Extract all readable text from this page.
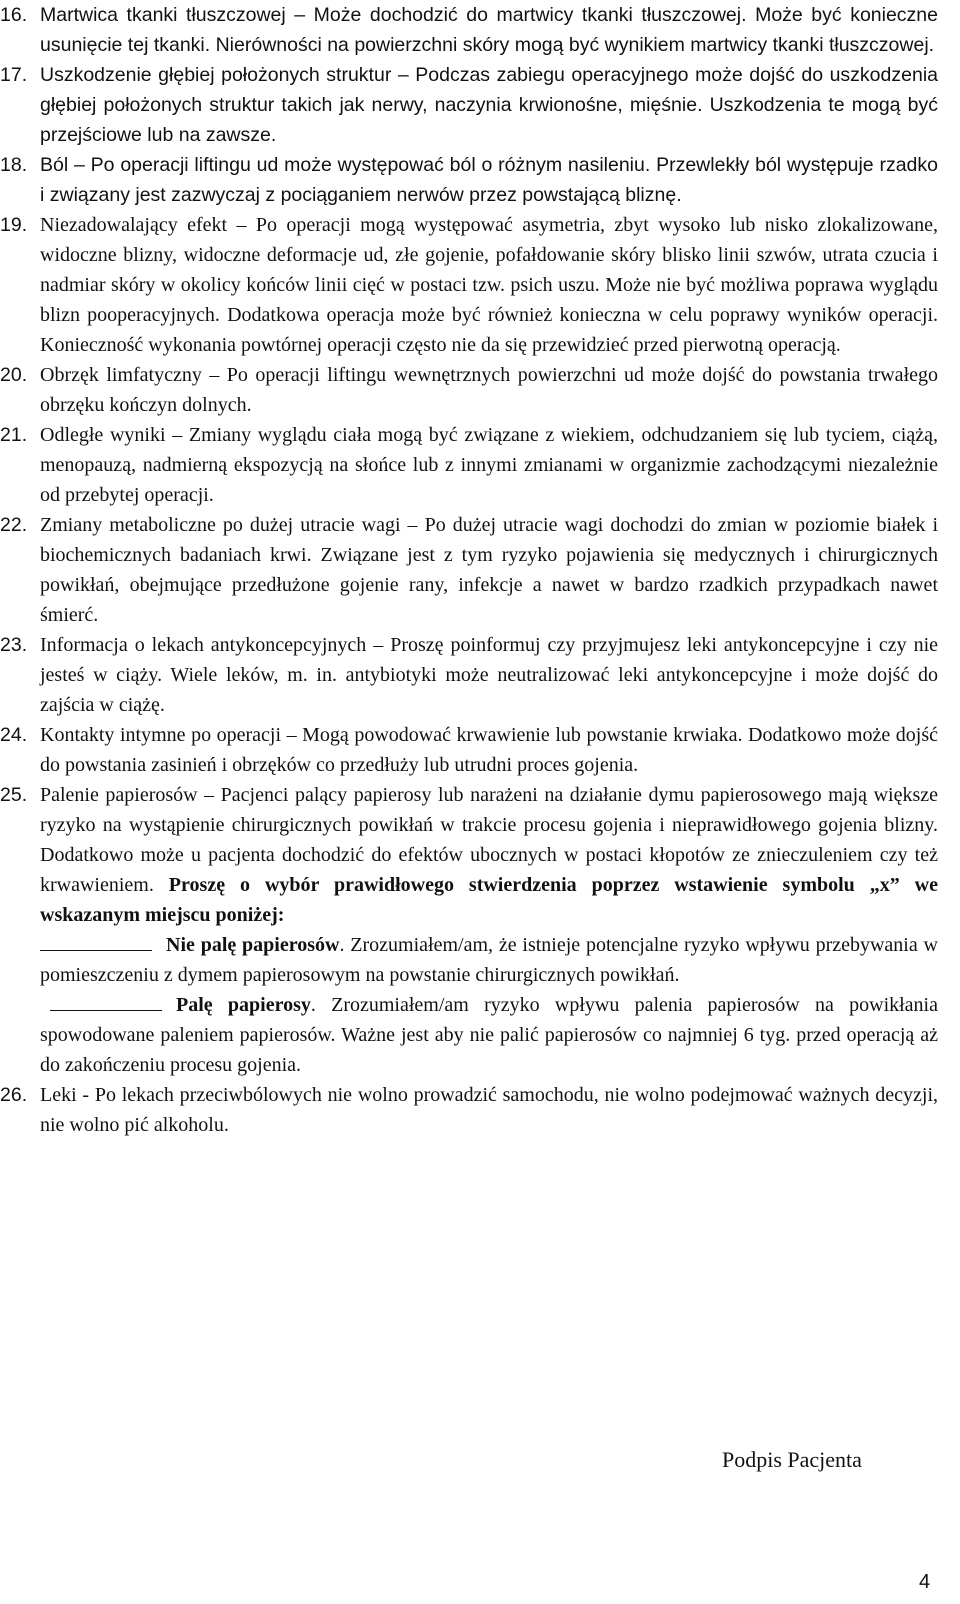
16. Martwica tkanki tłuszczowej – Może dochodzić do martwicy tkanki tłuszczowej. Może być konieczne usunięcie tej tkanki. Nierówności na powierzchni skóry mogą być wynikiem martwicy tkanki tłuszczowej.
17. Uszkodzenie głębiej położonych struktur – Podczas zabiegu operacyjnego może dojść do uszkodzenia głębiej położonych struktur takich jak nerwy, naczynia krwionośne, mięśnie. Uszkodzenia te mogą być przejściowe lub na zawsze.
18. Ból – Po operacji liftingu ud może występować ból o różnym nasileniu. Przewlekły ból występuje rzadko i związany jest zazwyczaj z pociąganiem nerwów przez powstającą bliznę.
19. Niezadowalający efekt – Po operacji mogą występować asymetria, zbyt wysoko lub nisko zlokalizowane, widoczne blizny, widoczne deformacje ud, złe gojenie, pofałdowanie skóry blisko linii szwów, utrata czucia i nadmiar skóry w okolicy końców linii cięć w postaci tzw. psich uszu. Może nie być możliwa poprawa wyglądu blizn pooperacyjnych. Dodatkowa operacja może być również konieczna w celu poprawy wyników operacji. Konieczność wykonania powtórnej operacji często nie da się przewidzieć przed pierwotną operacją.
20. Obrzęk limfatyczny – Po operacji liftingu wewnętrznych powierzchni ud może dojść do powstania trwałego obrzęku kończyn dolnych.
21. Odległe wyniki – Zmiany wyglądu ciała mogą być związane z wiekiem, odchudzaniem się lub tyciem, ciążą, menopauzą, nadmierną ekspozycją na słońce lub z innymi zmianami w organizmie zachodzącymi niezależnie od przebytej operacji.
22. Zmiany metaboliczne po dużej utracie wagi – Po dużej utracie wagi dochodzi do zmian w poziomie białek i biochemicznych badaniach krwi. Związane jest z tym ryzyko pojawienia się medycznych i chirurgicznych powikłań, obejmujące przedłużone gojenie rany, infekcje a nawet w bardzo rzadkich przypadkach nawet śmierć.
23. Informacja o lekach antykoncepcyjnych – Proszę poinformuj czy przyjmujesz leki antykoncepcyjne i czy nie jesteś w ciąży. Wiele leków, m. in. antybiotyki może neutralizować leki antykoncepcyjne i może dojść do zajścia w ciążę.
24. Kontakty intymne po operacji – Mogą powodować krwawienie lub powstanie krwiaka. Dodatkowo może dojść do powstania zasinień i obrzęków co przedłuży lub utrudni proces gojenia.
25. Palenie papierosów – Pacjenci palący papierosy lub narażeni na działanie dymu papierosowego mają większe ryzyko na wystąpienie chirurgicznych powikłań w trakcie procesu gojenia i nieprawidłowego gojenia blizny. Dodatkowo może u pacjenta dochodzić do efektów ubocznych w postaci kłopotów ze znieczuleniem czy też krwawieniem. Proszę o wybór prawidłowego stwierdzenia poprzez wstawienie symbolu „x” we wskazanym miejscu poniżej:
Nie palę papierosów. Zrozumiałem/am, że istnieje potencjalne ryzyko wpływu przebywania w pomieszczeniu z dymem papierosowym na powstanie chirurgicznych powikłań.
Palę papierosy. Zrozumiałem/am ryzyko wpływu palenia papierosów na powikłania spowodowane paleniem papierosów. Ważne jest aby nie palić papierosów co najmniej 6 tyg. przed operacją aż do zakończeniu procesu gojenia.
26. Leki - Po lekach przeciwbólowych nie wolno prowadzić samochodu, nie wolno podejmować ważnych decyzji, nie wolno pić alkoholu.
Podpis Pacjenta
4
